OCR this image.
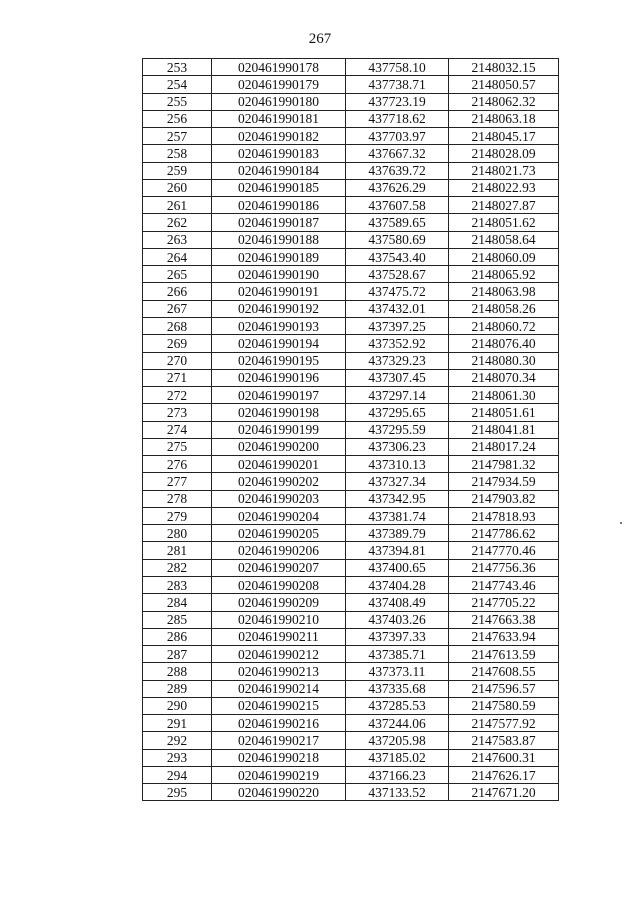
267
253	020461990178	437758.10	2148032.15
254	020461990179	437738.71	2148050.57
255	020461990180	437723.19	2148062.32
256	020461990181	437718.62	2148063.18
257	020461990182	437703.97	2148045.17
258	020461990183	437667.32	2148028.09
259	020461990184	437639.72	2148021.73
260	020461990185	437626.29	2148022.93
261	020461990186	437607.58	2148027.87
262	020461990187	437589.65	2148051.62
263	020461990188	437580.69	2148058.64
264	020461990189	437543.40	2148060.09
265	020461990190	437528.67	2148065.92
266	020461990191	437475.72	2148063.98
267	020461990192	437432.01	2148058.26
268	020461990193	437397.25	2148060.72
269	020461990194	437352.92	2148076.40
270	020461990195	437329.23	2148080.30
271	020461990196	437307.45	2148070.34
272	020461990197	437297.14	2148061.30
273	020461990198	437295.65	2148051.61
274	020461990199	437295.59	2148041.81
275	020461990200	437306.23	2148017.24
276	020461990201	437310.13	2147981.32
277	020461990202	437327.34	2147934.59
278	020461990203	437342.95	2147903.82
279	020461990204	437381.74	2147818.93
280	020461990205	437389.79	2147786.62
281	020461990206	437394.81	2147770.46
282	020461990207	437400.65	2147756.36
283	020461990208	437404.28	2147743.46
284	020461990209	437408.49	2147705.22
285	020461990210	437403.26	2147663.38
286	020461990211	437397.33	2147633.94
287	020461990212	437385.71	2147613.59
288	020461990213	437373.11	2147608.55
289	020461990214	437335.68	2147596.57
290	020461990215	437285.53	2147580.59
291	020461990216	437244.06	2147577.92
292	020461990217	437205.98	2147583.87
293	020461990218	437185.02	2147600.31
294	020461990219	437166.23	2147626.17
295	020461990220	437133.52	2147671.20
